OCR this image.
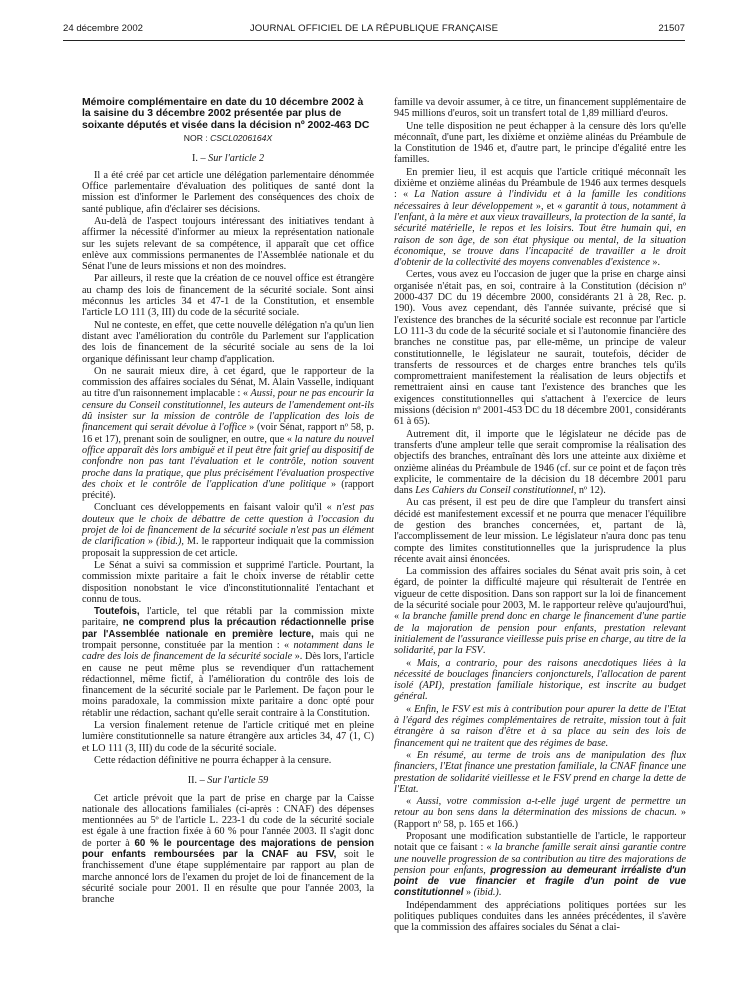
24 décembre 2002	JOURNAL OFFICIEL DE LA RÉPUBLIQUE FRANÇAISE	21507
Mémoire complémentaire en date du 10 décembre 2002 à la saisine du 3 décembre 2002 présentée par plus de soixante députés et visée dans la décision nº 2002-463 DC
NOR : CSCL0206164X
I. – Sur l'article 2

Il a été créé par cet article une délégation parlementaire dénommée Office parlementaire d'évaluation des politiques de santé dont la mission est d'informer le Parlement des conséquences des choix de santé publique, afin d'éclairer ses décisions.

Au-delà de l'aspect toujours intéressant des initiatives tendant à affirmer la nécessité d'informer au mieux la représentation nationale sur les sujets relevant de sa compétence, il apparaît que cet office enlève aux commissions permanentes de l'Assemblée nationale et du Sénat l'une de leurs missions et non des moindres.

Par ailleurs, il reste que la création de ce nouvel office est étrangère au champ des lois de financement de la sécurité sociale. Sont ainsi méconnus les articles 34 et 47-1 de la Constitution, et ensemble l'article LO 111 (3, III) du code de la sécurité sociale.

Nul ne conteste, en effet, que cette nouvelle délégation n'a qu'un lien distant avec l'amélioration du contrôle du Parlement sur l'application des lois de financement de la sécurité sociale au sens de la loi organique définissant leur champ d'application.

On ne saurait mieux dire, à cet égard, que le rapporteur de la commission des affaires sociales du Sénat, M. Alain Vasselle, indiquant au titre d'un raisonnement implacable : « Aussi, pour ne pas encourir la censure du Conseil constitutionnel, les auteurs de l'amendement ont-ils dû insister sur la mission de contrôle de l'application des lois de financement qui serait dévolue à l'office » (voir Sénat, rapport nº 58, p. 16 et 17), prenant soin de souligner, en outre, que « la nature du nouvel office apparaît dès lors ambiguë et il peut être fait grief au dispositif de confondre non pas tant l'évaluation et le contrôle, notion souvent proche dans la pratique, que plus précisément l'évaluation prospective des choix et le contrôle de l'application d'une politique » (rapport précité).

Concluant ces développements en faisant valoir qu'il « n'est pas douteux que le choix de débattre de cette question à l'occasion du projet de loi de financement de la sécurité sociale n'est pas un élément de clarification » (ibid.), M. le rapporteur indiquait que la commission proposait la suppression de cet article.

Le Sénat a suivi sa commission et supprimé l'article. Pourtant, la commission mixte paritaire a fait le choix inverse de rétablir cette disposition nonobstant le vice d'inconstitutionnalité l'entachant et connu de tous.

Toutefois, l'article, tel que rétabli par la commission mixte paritaire, ne comprend plus la précaution rédactionnelle prise par l'Assemblée nationale en première lecture, mais qui ne trompait personne, constituée par la mention : « notamment dans le cadre des lois de financement de la sécurité sociale ». Dès lors, l'article en cause ne peut même plus se revendiquer d'un rattachement rédactionnel, même fictif, à l'amélioration du contrôle des lois de financement de la sécurité sociale par le Parlement. De façon pour le moins paradoxale, la commission mixte paritaire a donc opté pour rétablir une rédaction, sachant qu'elle serait contraire à la Constitution.

La version finalement retenue de l'article critiqué met en pleine lumière constitutionnelle sa nature étrangère aux articles 34, 47 (1, C) et LO 111 (3, III) du code de la sécurité sociale.

Cette rédaction définitive ne pourra échapper à la censure.

II. – Sur l'article 59

Cet article prévoit que la part de prise en charge par la Caisse nationale des allocations familiales (ci-après : CNAF) des dépenses mentionnées au 5º de l'article L. 223-1 du code de la sécurité sociale est égale à une fraction fixée à 60 % pour l'année 2003. Il s'agit donc de porter à 60 % le pourcentage des majorations de pension pour enfants remboursées par la CNAF au FSV, soit le franchissement d'une étape supplémentaire par rapport au plan de marche annoncé lors de l'examen du projet de loi de financement de la sécurité sociale pour 2001. Il en résulte que pour l'année 2003, la branche

famille va devoir assumer, à ce titre, un financement supplémentaire de 945 millions d'euros, soit un transfert total de 1,89 milliard d'euros.

Une telle disposition ne peut échapper à la censure dès lors qu'elle méconnaît, d'une part, les dixième et onzième alinéas du Préambule de la Constitution de 1946 et, d'autre part, le principe d'égalité entre les familles.

En premier lieu, il est acquis que l'article critiqué méconnaît les dixième et onzième alinéas du Préambule de 1946 aux termes desquels : « La Nation assure à l'individu et à la famille les conditions nécessaires à leur développement », et « garantit à tous, notamment à l'enfant, à la mère et aux vieux travailleurs, la protection de la santé, la sécurité matérielle, le repos et les loisirs. Tout être humain qui, en raison de son âge, de son état physique ou mental, de la situation économique, se trouve dans l'incapacité de travailler a le droit d'obtenir de la collectivité des moyens convenables d'existence ».

Certes, vous avez eu l'occasion de juger que la prise en charge ainsi organisée n'était pas, en soi, contraire à la Constitution (décision nº 2000-437 DC du 19 décembre 2000, considérants 21 à 28, Rec. p. 190). Vous avez cependant, dès l'année suivante, précisé que si l'existence des branches de la sécurité sociale est reconnue par l'article LO 111-3 du code de la sécurité sociale et si l'autonomie financière des branches ne constitue pas, par elle-même, un principe de valeur constitutionnelle, le législateur ne saurait, toutefois, décider de transferts de ressources et de charges entre branches tels qu'ils compromettraient manifestement la réalisation de leurs objectifs et remettraient ainsi en cause tant l'existence des branches que les exigences constitutionnelles qui s'attachent à l'exercice de leurs missions (décision nº 2001-453 DC du 18 décembre 2001, considérants 61 à 65).

Autrement dit, il importe que le législateur ne décide pas de transferts d'une ampleur telle que serait compromise la réalisation des objectifs des branches, entraînant dès lors une atteinte aux dixième et onzième alinéas du Préambule de 1946 (cf. sur ce point et de façon très explicite, le commentaire de la décision du 18 décembre 2001 paru dans Les Cahiers du Conseil constitutionnel, nº 12).

Au cas présent, il est peu de dire que l'ampleur du transfert ainsi décidé est manifestement excessif et ne pourra que menacer l'équilibre de gestion des branches concernées, et, partant de là, l'accomplissement de leur mission. Le législateur n'aura donc pas tenu compte des limites constitutionnelles que la jurisprudence la plus récente avait ainsi énoncées.

La commission des affaires sociales du Sénat avait pris soin, à cet égard, de pointer la difficulté majeure qui résulterait de l'entrée en vigueur de cette disposition. Dans son rapport sur la loi de financement de la sécurité sociale pour 2003, M. le rapporteur relève qu'aujourd'hui, « la branche famille prend donc en charge le financement d'une partie de la majoration de pension pour enfants, prestation relevant initialement de l'assurance vieillesse puis prise en charge, au titre de la solidarité, par la FSV.

« Mais, a contrario, pour des raisons anecdotiques liées à la nécessité de bouclages financiers conjoncturels, l'allocation de parent isolé (API), prestation familiale historique, est inscrite au budget général.

« Enfin, le FSV est mis à contribution pour apurer la dette de l'Etat à l'égard des régimes complémentaires de retraite, mission tout à fait étrangère à sa raison d'être et à sa place au sein des lois de financement qui ne traitent que des régimes de base.

« En résumé, au terme de trois ans de manipulation des flux financiers, l'Etat finance une prestation familiale, la CNAF finance une prestation de solidarité vieillesse et le FSV prend en charge la dette de l'Etat.

« Aussi, votre commission a-t-elle jugé urgent de permettre un retour au bon sens dans la détermination des missions de chacun. » (Rapport nº 58, p. 165 et 166.)

Proposant une modification substantielle de l'article, le rapporteur notait que ce faisant : « la branche famille serait ainsi garantie contre une nouvelle progression de sa contribution au titre des majorations de pension pour enfants, progression au demeurant irréaliste d'un point de vue financier et fragile d'un point de vue constitutionnel » (ibid.).

Indépendamment des appréciations politiques portées sur les politiques publiques conduites dans les années précédentes, il s'avère que la commission des affaires sociales du Sénat a clai-
